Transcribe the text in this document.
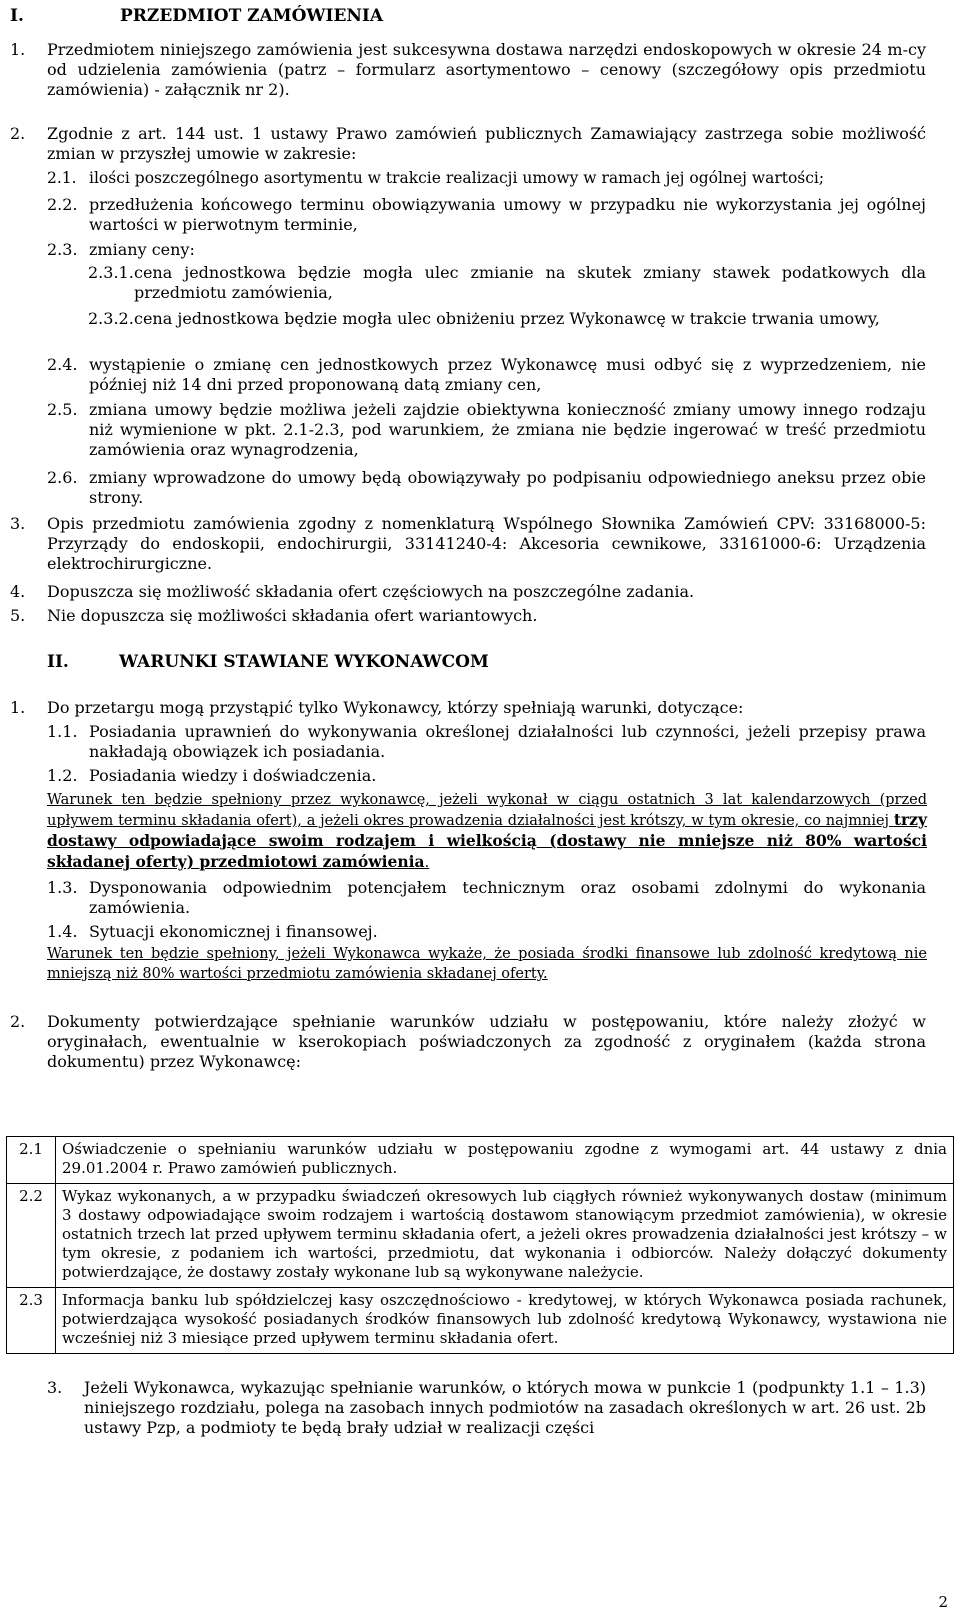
I.	PRZEDMIOT ZAMÓWIENIA
1.	Przedmiotem niniejszego zamówienia jest sukcesywna dostawa narzędzi endoskopowych w okresie 24 m-cy od udzielenia zamówienia (patrz – formularz asortymentowo – cenowy (szczegółowy opis przedmiotu zamówienia) - załącznik nr 2).
2.	Zgodnie z art. 144 ust. 1 ustawy Prawo zamówień publicznych Zamawiający zastrzega sobie możliwość zmian w przyszłej umowie w zakresie:
2.1. ilości poszczególnego asortymentu w trakcie realizacji umowy w ramach jej ogólnej wartości;
2.2. przedłużenia końcowego terminu obowiązywania umowy w przypadku nie wykorzystania jej ogólnej wartości w pierwotnym terminie,
2.3. zmiany ceny:
2.3.1. cena jednostkowa będzie mogła ulec zmianie na skutek zmiany stawek podatkowych dla przedmiotu zamówienia,
2.3.2. cena jednostkowa będzie mogła ulec obniżeniu przez Wykonawcę w trakcie trwania umowy,
2.4. wystąpienie o zmianę cen jednostkowych przez Wykonawcę musi odbyć się z wyprzedzeniem, nie później niż 14 dni przed proponowaną datą zmiany cen,
2.5. zmiana umowy będzie możliwa jeżeli zajdzie obiektywna konieczność zmiany umowy innego rodzaju niż wymienione w pkt. 2.1-2.3, pod warunkiem, że zmiana nie będzie ingerować w treść przedmiotu zamówienia oraz wynagrodzenia,
2.6. zmiany wprowadzone do umowy będą obowiązywały po podpisaniu odpowiedniego aneksu przez obie strony.
3.	Opis przedmiotu zamówienia zgodny z nomenklaturą Wspólnego Słownika Zamówień CPV: 33168000-5: Przyrządy do endoskopii, endochirurgii, 33141240-4: Akcesoria cewnikowe, 33161000-6: Urządzenia elektrochirurgiczne.
4.	Dopuszcza się możliwość składania ofert częściowych na poszczególne zadania.
5.	Nie dopuszcza się możliwości składania ofert wariantowych.
II.	WARUNKI STAWIANE WYKONAWCOM
1.	Do przetargu mogą przystąpić tylko Wykonawcy, którzy spełniają warunki, dotyczące:
1.1. Posiadania uprawnień do wykonywania określonej działalności lub czynności, jeżeli przepisy prawa nakładają obowiązek ich posiadania.
1.2. Posiadania wiedzy i doświadczenia.
Warunek ten będzie spełniony przez wykonawcę, jeżeli wykonał w ciągu ostatnich 3 lat kalendarzowych (przed upływem terminu składania ofert), a jeżeli okres prowadzenia działalności jest krótszy, w tym okresie, co najmniej trzy dostawy odpowiadające swoim rodzajem i wielkością (dostawy nie mniejsze niż 80% wartości składanej oferty) przedmiotowi zamówienia.
1.3. Dysponowania odpowiednim potencjałem technicznym oraz osobami zdolnymi do wykonania zamówienia.
1.4. Sytuacji ekonomicznej i finansowej.
Warunek ten będzie spełniony, jeżeli Wykonawca wykaże, że posiada środki finansowe lub zdolność kredytową nie mniejszą niż 80% wartości przedmiotu zamówienia składanej oferty.
2.	Dokumenty potwierdzające spełnianie warunków udziału w postępowaniu, które należy złożyć w oryginałach, ewentualnie w kserokopiach poświadczonych za zgodność z oryginałem (każda strona dokumentu) przez Wykonawcę:
2.1	Oświadczenie o spełnianiu warunków udziału w postępowaniu zgodne z wymogami art. 44 ustawy z dnia 29.01.2004 r. Prawo zamówień publicznych.
2.2	Wykaz wykonanych, a w przypadku świadczeń okresowych lub ciągłych również wykonywanych dostaw (minimum 3 dostawy odpowiadające swoim rodzajem i wartością dostawom stanowiącym przedmiot zamówienia), w okresie ostatnich trzech lat przed upływem terminu składania ofert, a jeżeli okres prowadzenia działalności jest krótszy – w tym okresie, z podaniem ich wartości, przedmiotu, dat wykonania i odbiorców. Należy dołączyć dokumenty potwierdzające, że dostawy zostały wykonane lub są wykonywane należycie.
2.3	Informacja banku lub spółdzielczej kasy oszczędnościowo - kredytowej, w których Wykonawca posiada rachunek, potwierdzająca wysokość posiadanych środków finansowych lub zdolność kredytową Wykonawcy, wystawiona nie wcześniej niż 3 miesiące przed upływem terminu składania ofert.
3.	Jeżeli Wykonawca, wykazując spełnianie warunków, o których mowa w punkcie 1 (podpunkty 1.1 – 1.3) niniejszego rozdziału, polega na zasobach innych podmiotów na zasadach określonych w art. 26 ust. 2b ustawy Pzp, a podmioty te będą brały udział w realizacji części
2
